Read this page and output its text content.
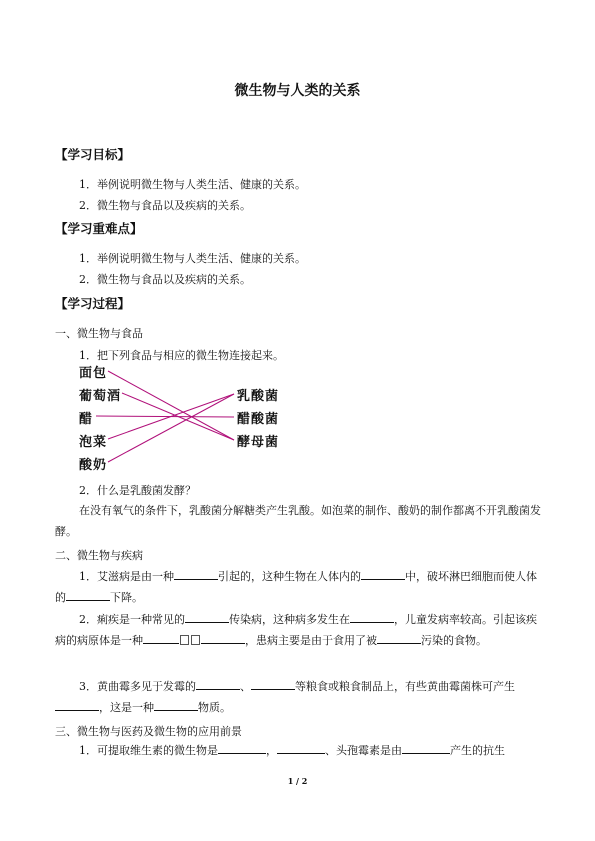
微生物与人类的关系
【学习目标】
1．举例说明微生物与人类生活、健康的关系。
2．微生物与食品以及疾病的关系。
【学习重难点】
1．举例说明微生物与人类生活、健康的关系。
2．微生物与食品以及疾病的关系。
【学习过程】
一、微生物与食品
1．把下列食品与相应的微生物连接起来。
面包
葡萄酒
醋
泡菜
酸奶
乳酸菌
醋酸菌
酵母菌
2．什么是乳酸菌发酵？
在没有氧气的条件下，乳酸菌分解糖类产生乳酸。如泡菜的制作、酸奶的制作都离不开乳酸菌发酵。
二、微生物与疾病
1．艾滋病是由一种	引起的，这种生物在人体内的	中，破坏淋巴细胞而使人体的	下降。
2．痢疾是一种常见的	传染病，这种病多发生在	，儿童发病率较高。引起该疾病的病原体是一种	，患病主要是由于食用了被	污染的食物。
3．黄曲霉多见于发霉的	、	等粮食或粮食制品上，有些黄曲霉菌株可产生，这是一种	物质。
三、微生物与医药及微生物的应用前景
1．可提取维生素的微生物是	，	、头孢霉素是由	产生的抗生
1 / 2
